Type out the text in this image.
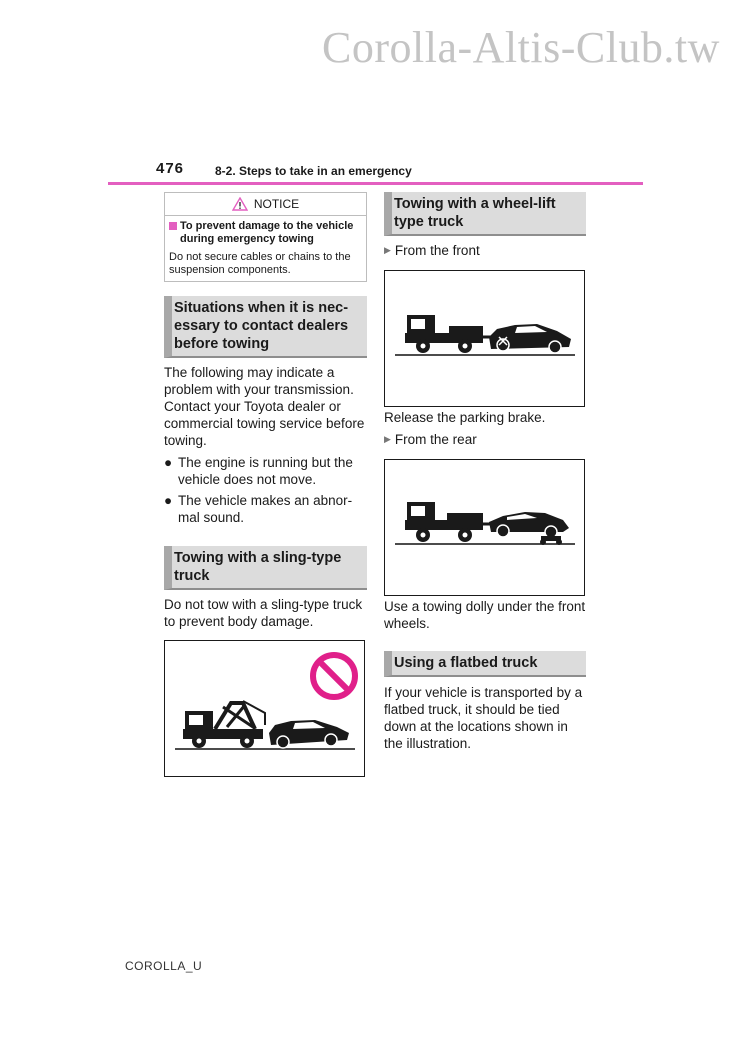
Corolla-Altis-Club.tw
476	8-2. Steps to take in an emergency
NOTICE
To prevent damage to the vehicle during emergency towing
Do not secure cables or chains to the suspension components.
Situations when it is nec-essary to contact dealers before towing

The following may indicate a problem with your transmission. Contact your Toyota dealer or commercial towing service before towing.

● The engine is running but the vehicle does not move.
● The vehicle makes an abnor-mal sound.
Towing with a sling-type truck

Do not tow with a sling-type truck to prevent body damage.

Towing with a wheel-lift type truck
▶ From the front

Release the parking brake.

▶ From the rear

Use a towing dolly under the front wheels.

Using a flatbed truck

If your vehicle is transported by a flatbed truck, it should be tied down at the locations shown in the illustration.

COROLLA_U
